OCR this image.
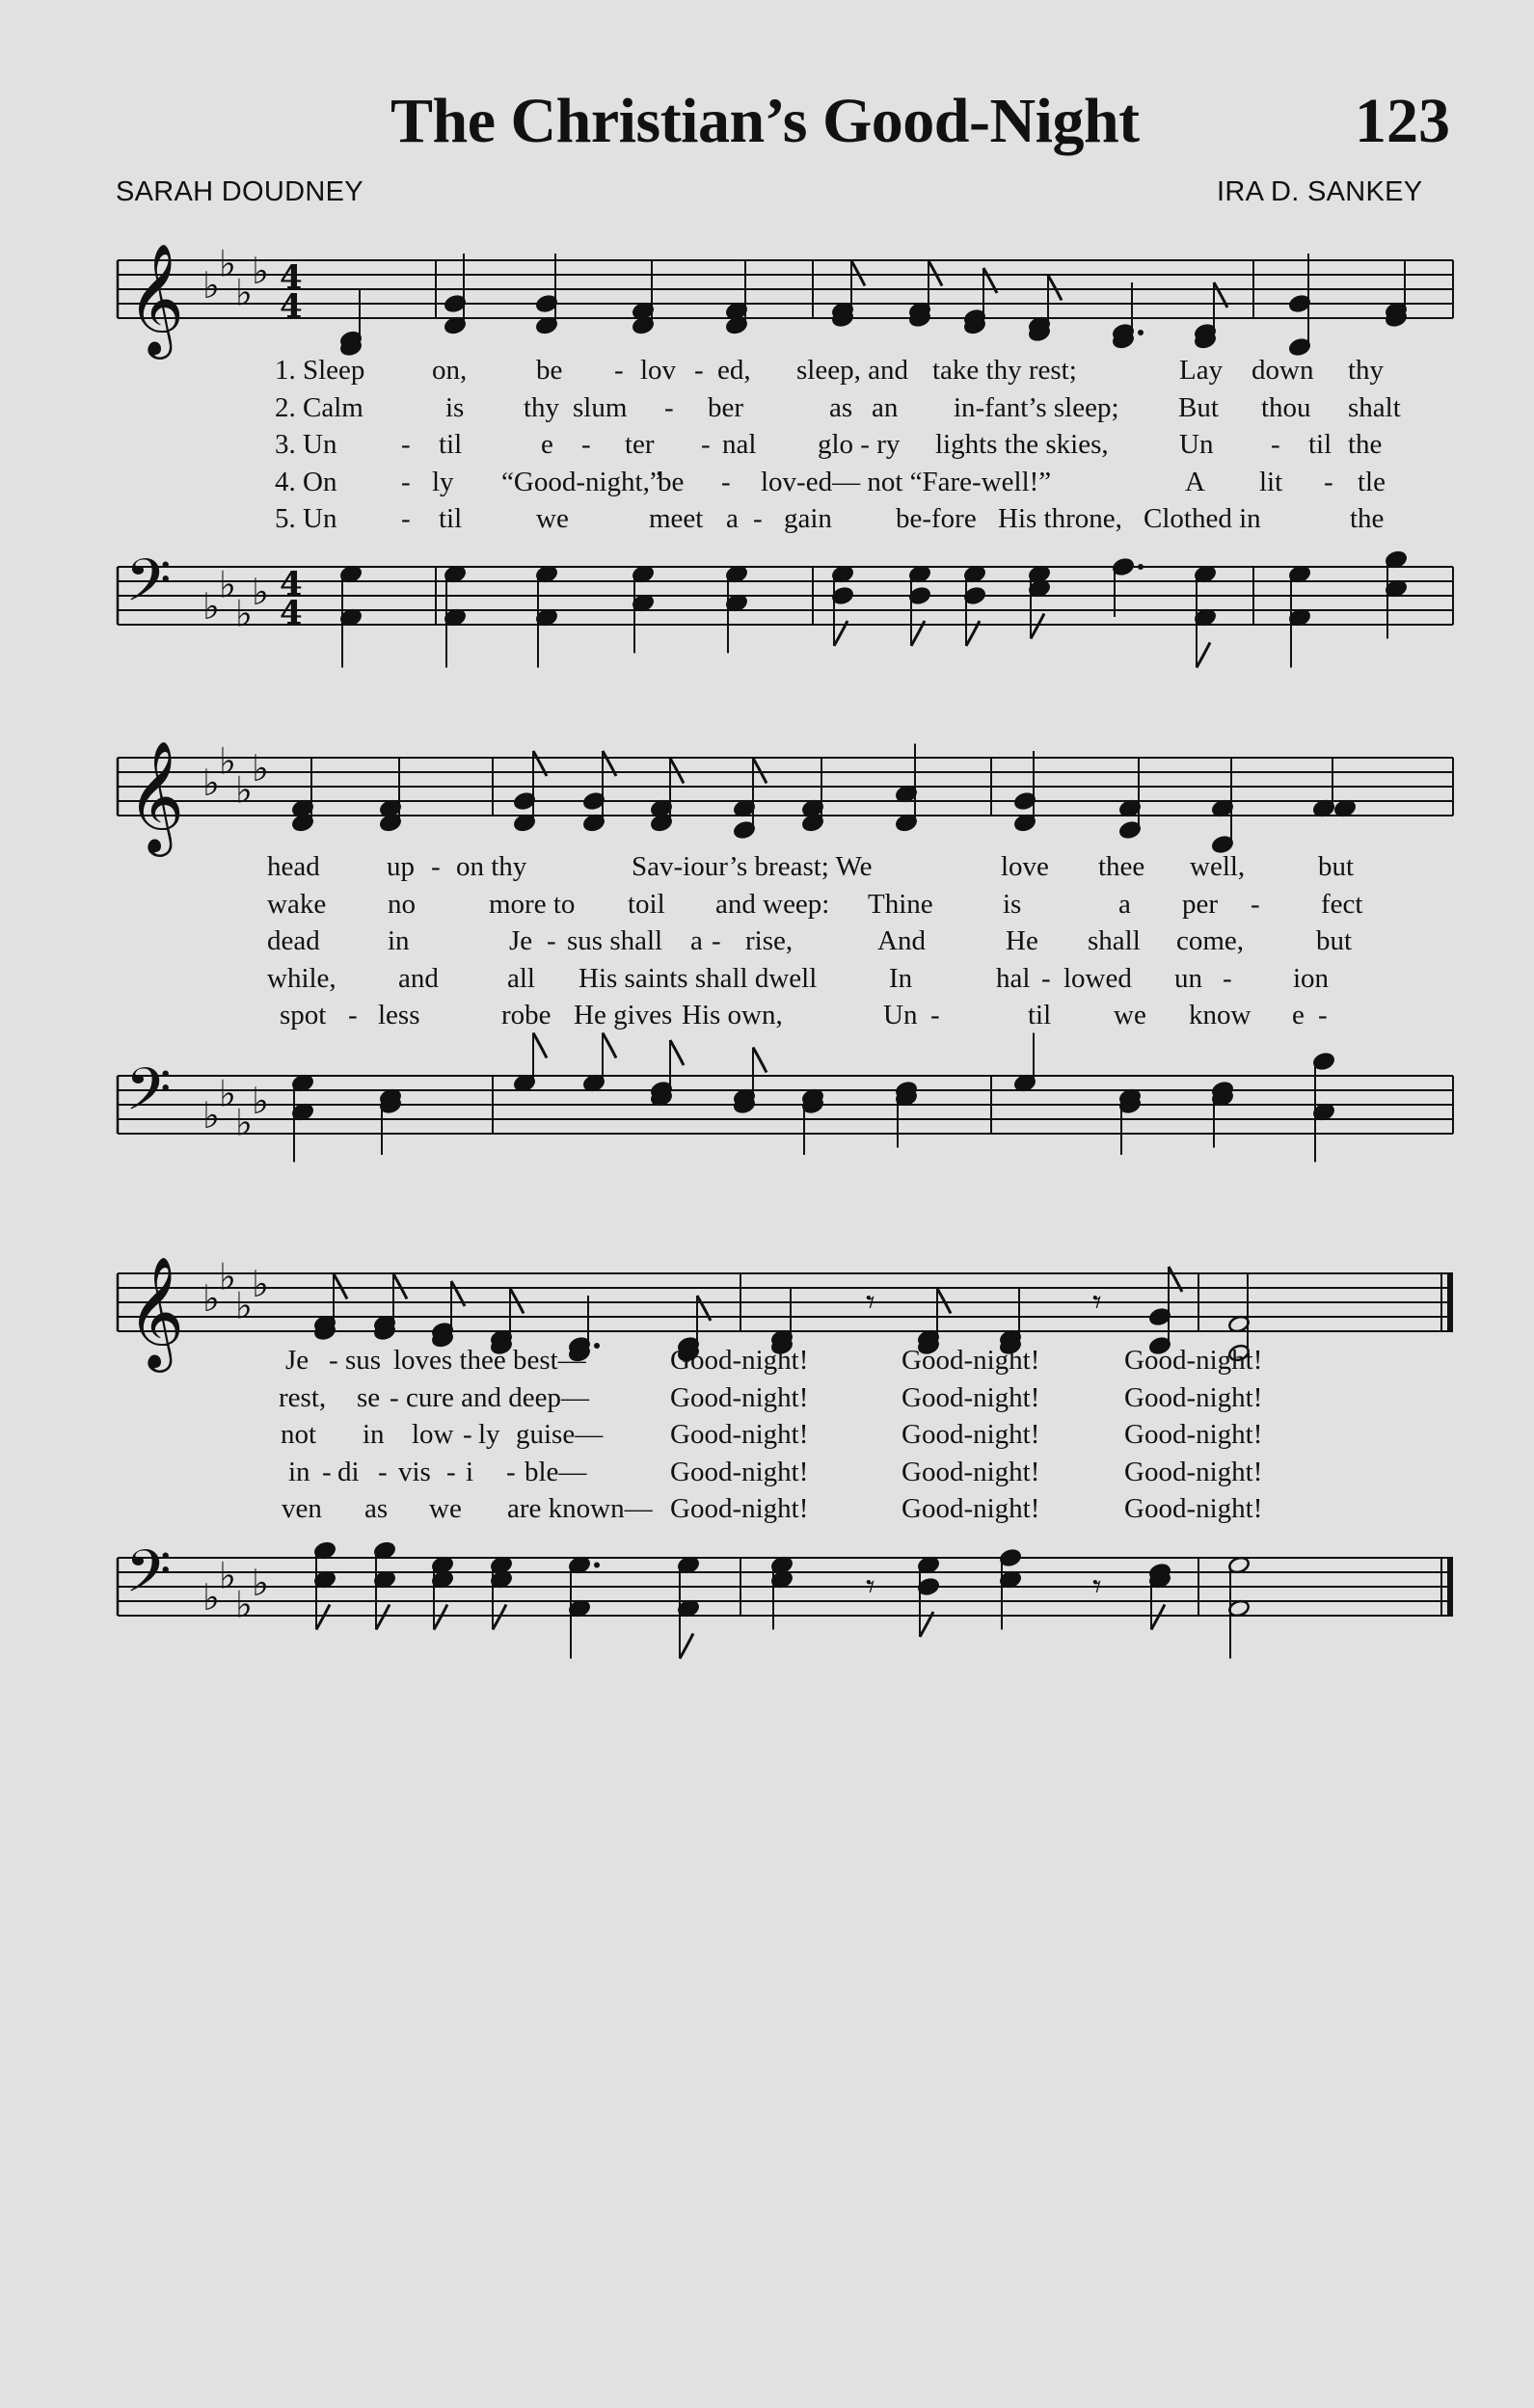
The Christian’s Good-Night	123
SARAH DOUDNEY	IRA D. SANKEY
𝄞 ♭
♭
♭
♭ 4
4
1. Sleep on, be - lov - ed, sleep, and take thy rest;	Lay down thy
2. Calm	is thy slum - ber	as an in-fant’s sleep; But thou shalt
3. Un - til	e - ter - nal glo - ry lights the skies,	Un - til the
4. On - ly “Good-night,”
be - lov-ed— not “Fare-well!”	A lit - tle
5. Un - til	we	meet a - gain be-fore His throne, Clothed in	the
𝄢 ♭
♭
♭
♭ 4
4
𝄞 ♭
♭
♭
♭
head up - on thy	Sav-iour’s breast; We	love thee well,	but
wake no	more to toil and weep: Thine is	a per - fect
dead in	Je - sus shall a - rise,	And	He shall come,	but
while, and all His saints shall dwell	In	hal - lowed un - ion
spot - less	robe He gives His own,	Un -	til we know e -
𝄢 ♭
♭
♭
♭
𝄞 ♭
♭
♭
♭	𝄾	𝄾
Je - sus loves thee best—	Good-night!	Good-night!	Good-night!
rest, se - cure and deep—	Good-night!	Good-night!	Good-night!
not in low - ly guise— Good-night!	Good-night!	Good-night!
in - di - vis - i - ble—	Good-night!	Good-night!	Good-night!
ven as we are known— Good-night!	Good-night!	Good-night!
𝄢 ♭
♭
♭
♭	𝄾	𝄾
